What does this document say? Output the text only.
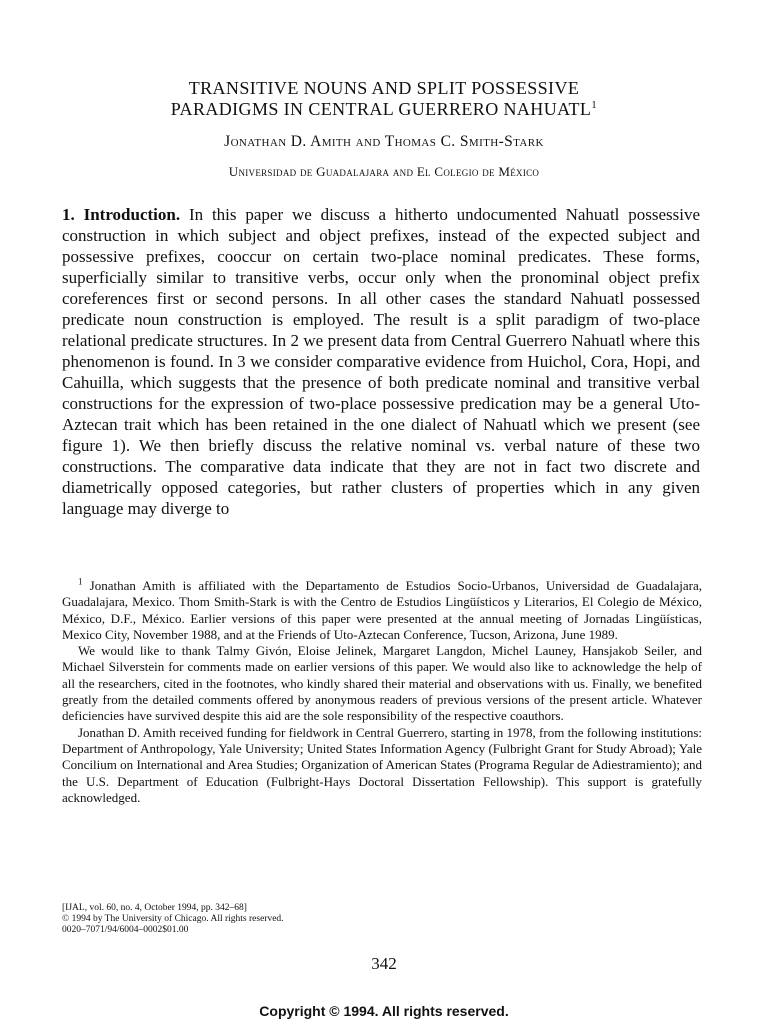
TRANSITIVE NOUNS AND SPLIT POSSESSIVE
PARADIGMS IN CENTRAL GUERRERO NAHUATL$^1$
Jonathan D. Amith and Thomas C. Smith-Stark
Universidad de Guadalajara and El Colegio de México
1. Introduction. In this paper we discuss a hitherto undocumented Nahuatl possessive construction in which subject and object prefixes, instead of the expected subject and possessive prefixes, cooccur on certain two-place nominal predicates. These forms, superficially similar to transitive verbs, occur only when the pronominal object prefix coreferences first or second persons. In all other cases the standard Nahuatl possessed predicate noun construction is employed. The result is a split paradigm of two-place relational predicate structures. In 2 we present data from Central Guerrero Nahuatl where this phenomenon is found. In 3 we consider comparative evidence from Huichol, Cora, Hopi, and Cahuilla, which suggests that the presence of both predicate nominal and transitive verbal constructions for the expression of two-place possessive predication may be a general Uto-Aztecan trait which has been retained in the one dialect of Nahuatl which we present (see figure 1). We then briefly discuss the relative nominal vs. verbal nature of these two constructions. The comparative data indicate that they are not in fact two discrete and diametrically opposed categories, but rather clusters of properties which in any given language may diverge to

$^1$ Jonathan Amith is affiliated with the Departamento de Estudios Socio-Urbanos, Universidad de Guadalajara, Guadalajara, Mexico. Thom Smith-Stark is with the Centro de Estudios Lingüísticos y Literarios, El Colegio de México, México, D.F., México. Earlier versions of this paper were presented at the annual meeting of Jornadas Lingüísticas, Mexico City, November 1988, and at the Friends of Uto-Aztecan Conference, Tucson, Arizona, June 1989.

We would like to thank Talmy Givón, Eloise Jelinek, Margaret Langdon, Michel Launey, Hansjakob Seiler, and Michael Silverstein for comments made on earlier versions of this paper. We would also like to acknowledge the help of all the researchers, cited in the footnotes, who kindly shared their material and observations with us. Finally, we benefited greatly from the detailed comments offered by anonymous readers of previous versions of the present article. Whatever deficiencies have survived despite this aid are the sole responsibility of the respective coauthors.

Jonathan D. Amith received funding for fieldwork in Central Guerrero, starting in 1978, from the following institutions: Department of Anthropology, Yale University; United States Information Agency (Fulbright Grant for Study Abroad); Yale Concilium on International and Area Studies; Organization of American States (Programa Regular de Adiestramiento); and the U.S. Department of Education (Fulbright-Hays Doctoral Dissertation Fellowship). This support is gratefully acknowledged.

[IJAL, vol. 60, no. 4, October 1994, pp. 342–68]
© 1994 by The University of Chicago. All rights reserved.
0020–7071/94/6004–0002$01.00
342
Copyright © 1994. All rights reserved.
